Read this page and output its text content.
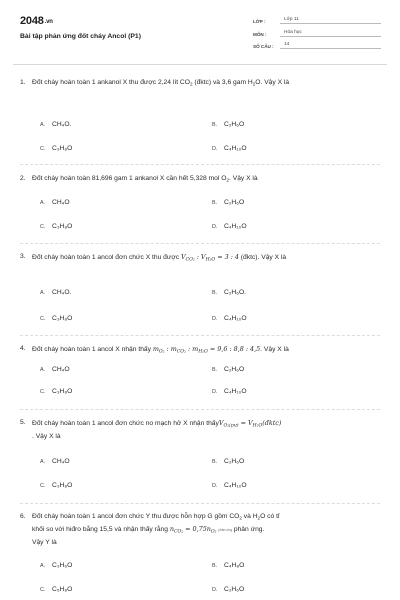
2048.vn
Bài tập phản ứng đốt cháy Ancol (P1)
LỚP :	Lớp 11
MÔN :	Hóa học
SỐ CÂU :	14
1. Đốt cháy hoàn toàn 1 ankanol X thu được 2,24 lít $CO_2$ (đktc) và 3,6 gam $H_2O$. Vậy X là
A. CH₄O.	B. C₂H₆O
C. C₃H₈O	D. C₄H₁₀O
2. Đốt cháy hoàn toàn 81,696 gam 1 ankanol X cần hết 5,328 mol $O_2$. Vậy X là
A. CH₄O	B. C₂H₆O
C. C₃H₈O	D. C₄H₁₀O
3. Đốt cháy hoàn toàn 1 ancol đơn chức X thu được $V_{CO_2}$ : $V_{H_2O} = 3$ : 4 (đktc). Vậy X là
A. CH₄O.	B. C₂H₆O.
C. C₃H₈O	D. C₄H₁₀O
4. Đốt cháy hoàn toàn 1 ancol X nhận thấy $m_{O_2}$ : $m_{CO_2}$ : $m_{H_2O} = 9,6$ : 8,8 : 4,5. Vậy X là
A. CH₄O	B. C₂H₆O
C. C₃H₈O	D. C₄H₁₀O
5. Đốt cháy hoàn toàn 1 ancol đơn chức no mạch hở X nhận thấyV$_{O_2(pư)}$ = $V_{H_2O}(đktc)$
. Vậy X là
A. CH₄O	B. C₂H₆O
C. C₃H₈O	D. C₄H₁₀O
6. Đốt cháy hoàn toàn 1 ancol đơn chức Y thu được hỗn hợp G gồm $CO_2$ và $H_2O$ có tỉ
khối so với hiđro bằng 15,5 và nhận thấy rằng $n_{CO_2} = 0,75n_{O_2}$ phản ứng phản ứng.
Vậy Y là
A. C₃H₆O	B. C₄H₈O
C. C₅H₈O	D. C₂H₆O
